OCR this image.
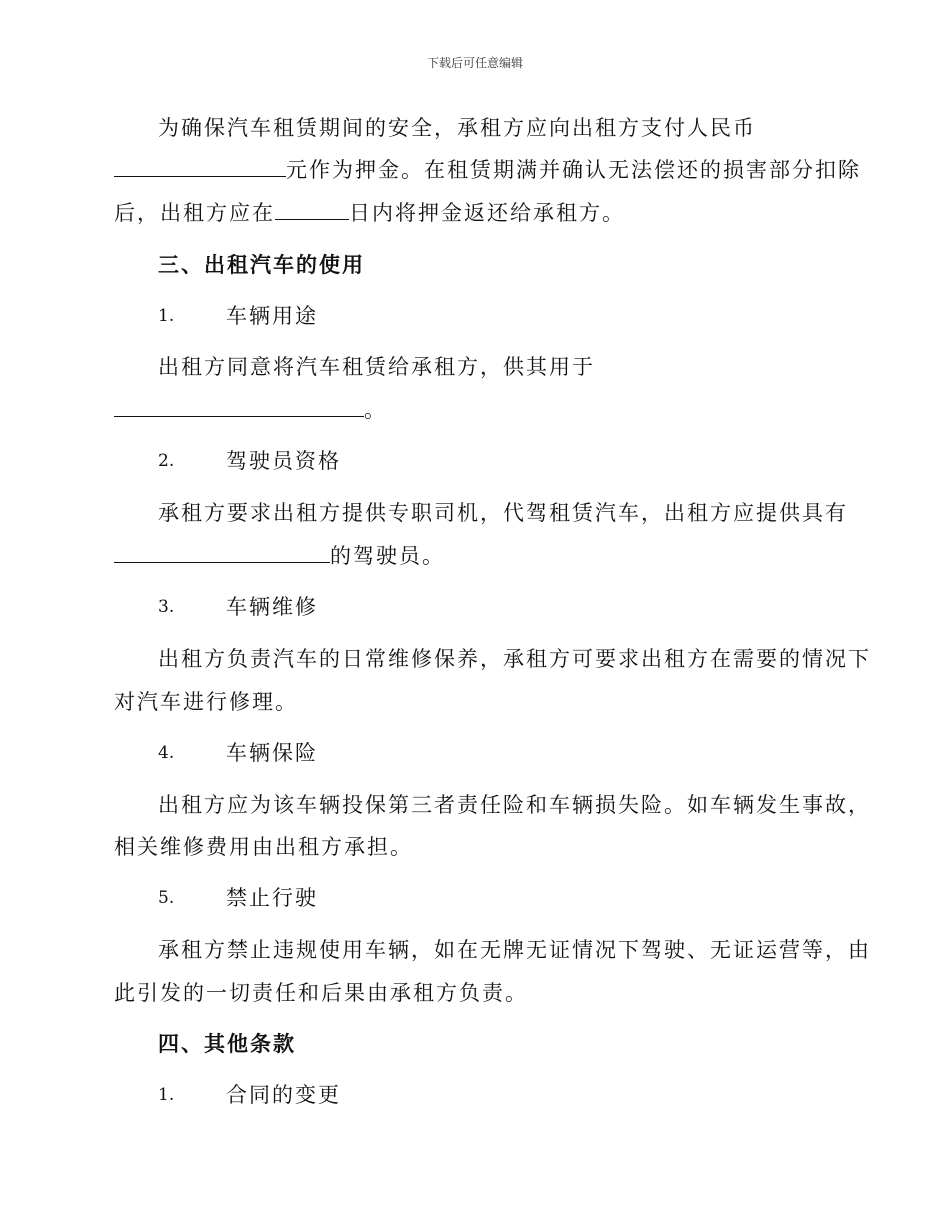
下载后可任意编辑
为确保汽车租赁期间的安全，承租方应向出租方支付人民币
元作为押金。在租赁期满并确认无法偿还的损害部分扣除
后，出租方应在	日内将押金返还给承租方。
三、出租汽车的使用
1. 车辆用途
出租方同意将汽车租赁给承租方，供其用于
。
2. 驾驶员资格
承租方要求出租方提供专职司机，代驾租赁汽车，出租方应提供具有
的驾驶员。
3. 车辆维修
出租方负责汽车的日常维修保养，承租方可要求出租方在需要的情况下
对汽车进行修理。
4. 车辆保险
出租方应为该车辆投保第三者责任险和车辆损失险。如车辆发生事故，
相关维修费用由出租方承担。
5. 禁止行驶
承租方禁止违规使用车辆，如在无牌无证情况下驾驶、无证运营等，由
此引发的一切责任和后果由承租方负责。
四、其他条款
1. 合同的变更
